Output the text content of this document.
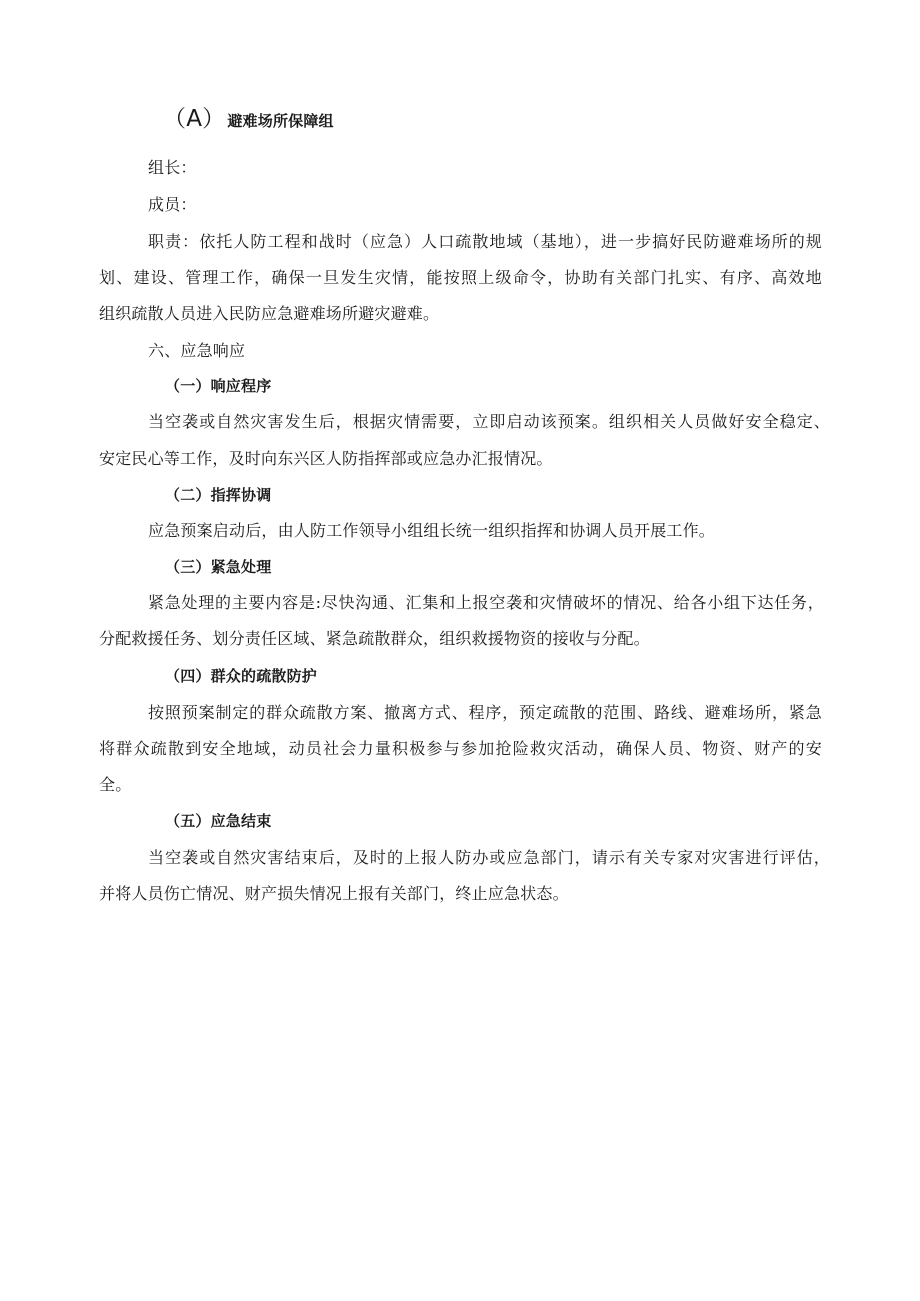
（A） 避难场所保障组
组长：
成员：
职责：依托人防工程和战时（应急）人口疏散地域（基地），进一步搞好民防避难场所的规
划、建设、管理工作，确保一旦发生灾情，能按照上级命令，协助有关部门扎实、有序、高效地
组织疏散人员进入民防应急避难场所避灾避难。
六、应急响应
（一）响应程序
当空袭或自然灾害发生后，根据灾情需要，立即启动该预案。组织相关人员做好安全稳定、
安定民心等工作，及时向东兴区人防指挥部或应急办汇报情况。
（二）指挥协调
应急预案启动后，由人防工作领导小组组长统一组织指挥和协调人员开展工作。
（三）紧急处理
紧急处理的主要内容是:尽快沟通、汇集和上报空袭和灾情破坏的情况、给各小组下达任务，
分配救援任务、划分责任区域、紧急疏散群众，组织救援物资的接收与分配。
（四）群众的疏散防护
按照预案制定的群众疏散方案、撤离方式、程序，预定疏散的范围、路线、避难场所，紧急
将群众疏散到安全地域，动员社会力量积极参与参加抢险救灾活动，确保人员、物资、财产的安
全。
（五）应急结束
当空袭或自然灾害结束后，及时的上报人防办或应急部门，请示有关专家对灾害进行评估，
并将人员伤亡情况、财产损失情况上报有关部门，终止应急状态。
